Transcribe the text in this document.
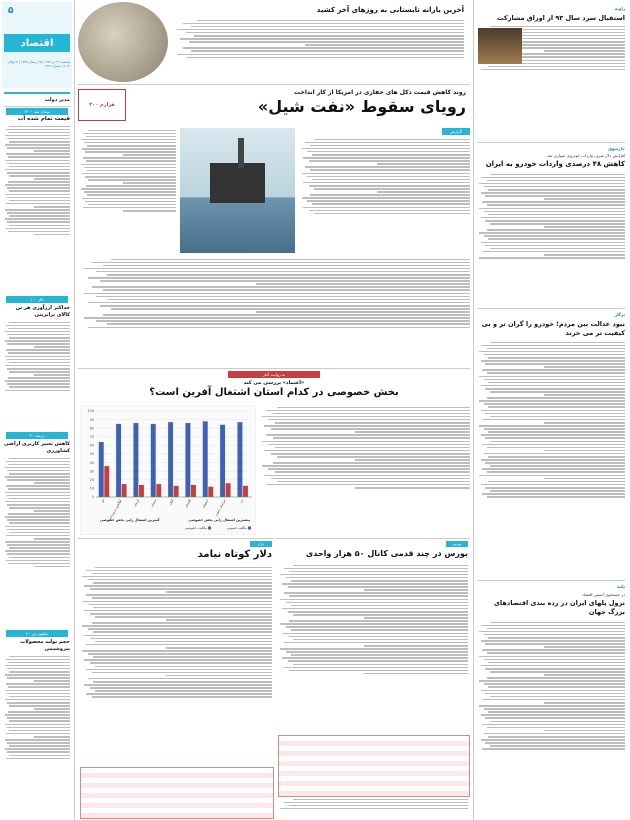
اقتصاد
۵
پنجشنبه ۱۲ تیر ۱۳۹۳ | ۲۵ رمضان ۱۴۳۵ | ۳ جولای ۲۰۱۴ | شماره ۲۳۷۱
مدیر دولت
۱۴۰۰ تومان شد
قیمت تمام شده آب
۱۰۰ دلار
حداکثر ارزآوری هر تن کالای ترانزیتی
۳۰ درصد
کاهش تغییر کاربری اراضی کشاورزی
۲۰ میلیون تن
حجم تولید محصولات پتروشیمی
آخرین یارانه تابستانی به روزهای آخر کشید
۲۰۰ هزارم
روند کاهش قیمت دکل های حفاری در امریکا از کار انداخت
رویای سقوط «نفت شیل»
گزارش
به روایت آمار
«اعتماد» بررسی می کند
بخش خصوصی در کدام استان اشتغال آفرین است؟
0
10
20
30
40
50
60
70
80
90
100
قم کهگیلویه و بویراحمد	کرمان	سمنان	گیلان	گلستان	اصفهان خراسان جنوبی	یزد
مالکیت عمومی
مالکیت خصوصی
بیشترین اشتغال زایی بخش خصوصی
کمترین اشتغال زایی بخش خصوصی
بازار
دلار کوتاه نیامد
بورس
بورس در چند قدمی کانال ۵۰ هزار واحدی
زاویه
استقبال سرد سال ۹۳ از اوراق مشارکت
چارسوق
افزایش دلار صرف واردات خودروی سواری شد
کاهش ۴۸ درصدی واردات خودرو به ایران
پرگار
نبود عدالت بین مردم؛ خودرو را گران تر و بی کیفیت تر می خرند
نکته
در جستجوی آستین اقتصاد
نزول پلهای ایران در رده بندی اقتصادهای بزرگ جهان
